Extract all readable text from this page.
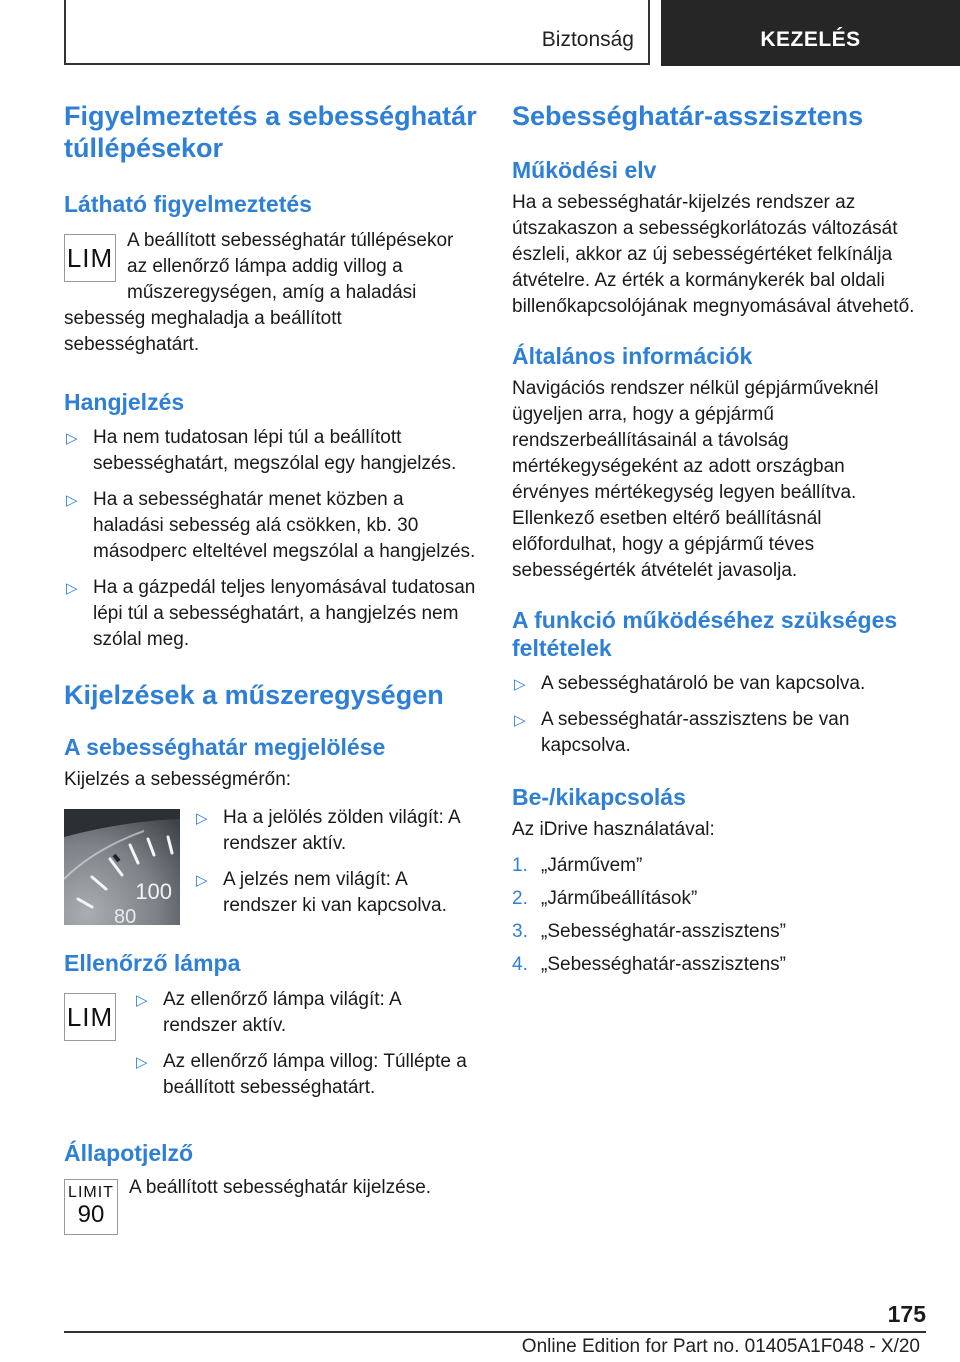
Biztonság	KEZELÉS
Figyelmeztetés a sebességhatár túllépésekor
Látható figyelmeztetés
LIM

A beállított sebességhatár túllépésekor az ellenőrző lámpa addig villog a műszeregységen, amíg a haladási sebesség meghaladja a beállított sebességhatárt.

Hangjelzés
▷ Ha nem tudatosan lépi túl a beállított sebességhatárt, megszólal egy hangjelzés.
▷ Ha a sebességhatár menet közben a haladási sebesség alá csökken, kb. 30 másodperc elteltével megszólal a hangjelzés.
▷ Ha a gázpedál teljes lenyomásával tudatosan lépi túl a sebességhatárt, a hangjelzés nem szólal meg.
Kijelzések a műszeregységen
A sebességhatár megjelölése

Kijelzés a sebességmérőn:

100
80
▷ Ha a jelölés zölden világít: A rendszer aktív.
▷ A jelzés nem világít: A rendszer ki van kapcsolva.
Ellenőrző lámpa
LIM
▷ Az ellenőrző lámpa világít: A rendszer aktív.
▷ Az ellenőrző lámpa villog: Túllépte a beállított sebességhatárt.
Állapotjelző
LIMIT
90

A beállított sebességhatár kijelzése.

Sebességhatár-asszisztens
Működési elv

Ha a sebességhatár-kijelzés rendszer az útszakaszon a sebességkorlátozás változását észleli, akkor az új sebességértéket felkínálja átvételre. Az érték a kormánykerék bal oldali billenőkapcsolójának megnyomásával átvehető.

Általános információk

Navigációs rendszer nélkül gépjárműveknél ügyeljen arra, hogy a gépjármű rendszerbeállításainál a távolság mértékegységeként az adott országban érvényes mértékegység legyen beállítva. Ellenkező esetben eltérő beállításnál előfordulhat, hogy a gépjármű téves sebességérték átvételét javasolja.

A funkció működéséhez szükséges feltételek
▷ A sebességhatároló be van kapcsolva.
▷ A sebességhatár-asszisztens be van kapcsolva.
Be-/kikapcsolás

Az iDrive használatával:

1. „Járművem”
2. „Járműbeállítások”
3. „Sebességhatár-asszisztens”
4. „Sebességhatár-asszisztens”
175
Online Edition for Part no. 01405A1F048 - X/20
